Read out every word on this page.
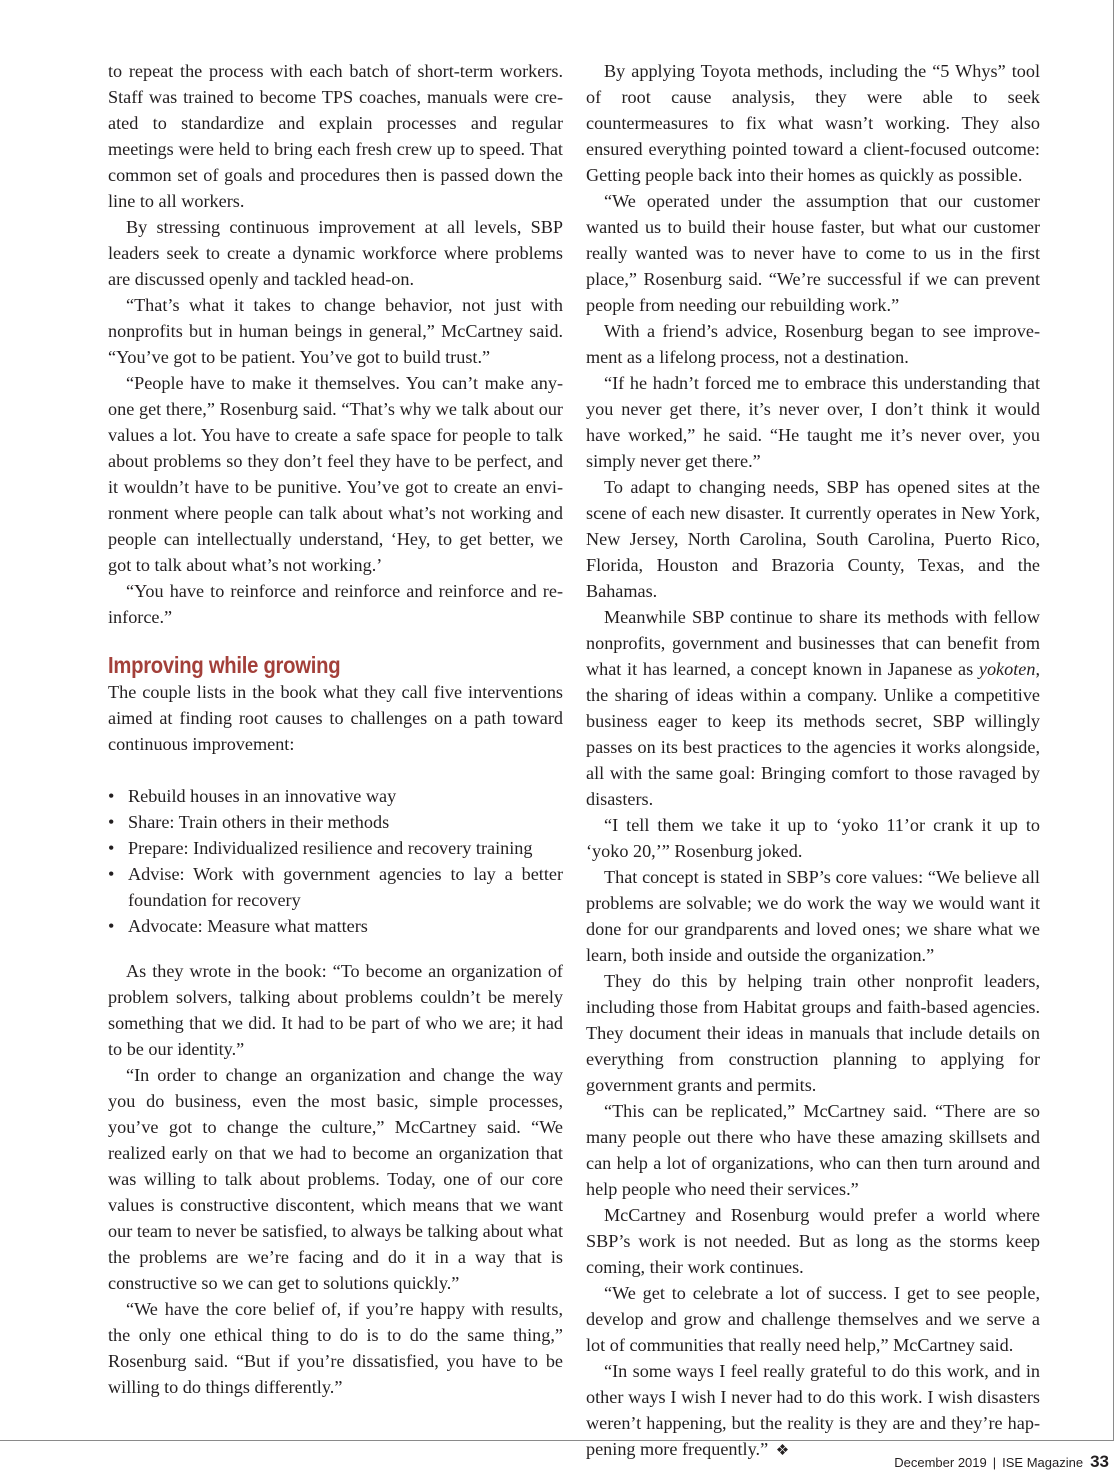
to repeat the process with each batch of short-term workers. Staff was trained to become TPS coaches, manuals were created to standardize and explain processes and regular meetings were held to bring each fresh crew up to speed. That common set of goals and procedures then is passed down the line to all workers.

By stressing continuous improvement at all levels, SBP leaders seek to create a dynamic workforce where problems are discussed openly and tackled head-on.

“That’s what it takes to change behavior, not just with nonprofits but in human beings in general,” McCartney said. “You’ve got to be patient. You’ve got to build trust.”

“People have to make it themselves. You can’t make anyone get there,” Rosenburg said. “That’s why we talk about our values a lot. You have to create a safe space for people to talk about problems so they don’t feel they have to be perfect, and it wouldn’t have to be punitive. You’ve got to create an environment where people can talk about what’s not working and people can intellectually understand, ‘Hey, to get better, we got to talk about what’s not working.’

“You have to reinforce and reinforce and reinforce and reinforce.”

Improving while growing

The couple lists in the book what they call five interventions aimed at finding root causes to challenges on a path toward continuous improvement:

• Rebuild houses in an innovative way
• Share: Train others in their methods
• Prepare: Individualized resilience and recovery training
• Advise: Work with government agencies to lay a better foundation for recovery
• Advocate: Measure what matters

As they wrote in the book: “To become an organization of problem solvers, talking about problems couldn’t be merely something that we did. It had to be part of who we are; it had to be our identity.”

“In order to change an organization and change the way you do business, even the most basic, simple processes, you’ve got to change the culture,” McCartney said. “We realized early on that we had to become an organization that was willing to talk about problems. Today, one of our core values is constructive discontent, which means that we want our team to never be satisfied, to always be talking about what the problems are we’re facing and do it in a way that is constructive so we can get to solutions quickly.”

“We have the core belief of, if you’re happy with results, the only one ethical thing to do is to do the same thing,” Rosenburg said. “But if you’re dissatisfied, you have to be willing to do things differently.”

By applying Toyota methods, including the “5 Whys” tool of root cause analysis, they were able to seek countermeasures to fix what wasn’t working. They also ensured everything pointed toward a client-focused outcome: Getting people back into their homes as quickly as possible.

“We operated under the assumption that our customer wanted us to build their house faster, but what our customer really wanted was to never have to come to us in the first place,” Rosenburg said. “We’re successful if we can prevent people from needing our rebuilding work.”

With a friend’s advice, Rosenburg began to see improvement as a lifelong process, not a destination.

“If he hadn’t forced me to embrace this understanding that you never get there, it’s never over, I don’t think it would have worked,” he said. “He taught me it’s never over, you simply never get there.”

To adapt to changing needs, SBP has opened sites at the scene of each new disaster. It currently operates in New York, New Jersey, North Carolina, South Carolina, Puerto Rico, Florida, Houston and Brazoria County, Texas, and the Bahamas.

Meanwhile SBP continue to share its methods with fellow nonprofits, government and businesses that can benefit from what it has learned, a concept known in Japanese as yokoten, the sharing of ideas within a company. Unlike a competitive business eager to keep its methods secret, SBP willingly passes on its best practices to the agencies it works alongside, all with the same goal: Bringing comfort to those ravaged by disasters.

“I tell them we take it up to ‘yoko 11’or crank it up to ‘yoko 20,’” Rosenburg joked.

That concept is stated in SBP’s core values: “We believe all problems are solvable; we do work the way we would want it done for our grandparents and loved ones; we share what we learn, both inside and outside the organization.”

They do this by helping train other nonprofit leaders, including those from Habitat groups and faith-based agencies. They document their ideas in manuals that include details on everything from construction planning to applying for government grants and permits.

“This can be replicated,” McCartney said. “There are so many people out there who have these amazing skillsets and can help a lot of organizations, who can then turn around and help people who need their services.”

McCartney and Rosenburg would prefer a world where SBP’s work is not needed. But as long as the storms keep coming, their work continues.

“We get to celebrate a lot of success. I get to see people, develop and grow and challenge themselves and we serve a lot of communities that really need help,” McCartney said.

“In some ways I feel really grateful to do this work, and in other ways I wish I never had to do this work. I wish disasters weren’t happening, but the reality is they are and they’re happening more frequently.” ❖

December 2019 | ISE Magazine 33
